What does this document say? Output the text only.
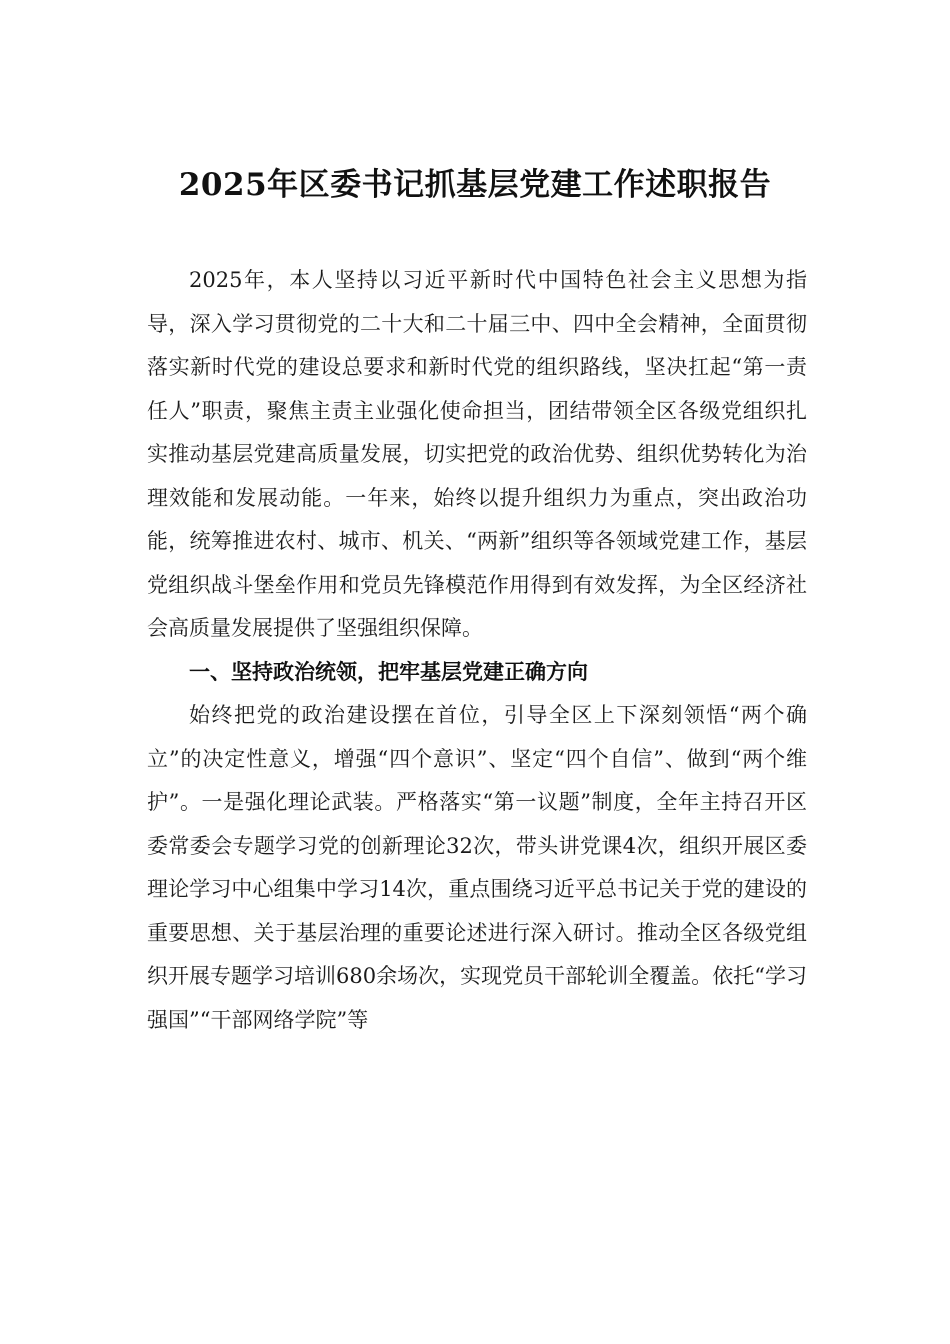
2025年区委书记抓基层党建工作述职报告

2025年，本人坚持以习近平新时代中国特色社会主义思想为指导，深入学习贯彻党的二十大和二十届三中、四中全会精神，全面贯彻落实新时代党的建设总要求和新时代党的组织路线，坚决扛起“第一责任人”职责，聚焦主责主业强化使命担当，团结带领全区各级党组织扎实推动基层党建高质量发展，切实把党的政治优势、组织优势转化为治理效能和发展动能。一年来，始终以提升组织力为重点，突出政治功能，统筹推进农村、城市、机关、“两新”组织等各领域党建工作，基层党组织战斗堡垒作用和党员先锋模范作用得到有效发挥，为全区经济社会高质量发展提供了坚强组织保障。

一、坚持政治统领，把牢基层党建正确方向

始终把党的政治建设摆在首位，引导全区上下深刻领悟“两个确立”的决定性意义，增强“四个意识”、坚定“四个自信”、做到“两个维护”。一是强化理论武装。严格落实“第一议题”制度，全年主持召开区委常委会专题学习党的创新理论32次，带头讲党课4次，组织开展区委理论学习中心组集中学习14次，重点围绕习近平总书记关于党的建设的重要思想、关于基层治理的重要论述进行深入研讨。推动全区各级党组织开展专题学习培训680余场次，实现党员干部轮训全覆盖。依托“学习强国”“干部网络学院”等
